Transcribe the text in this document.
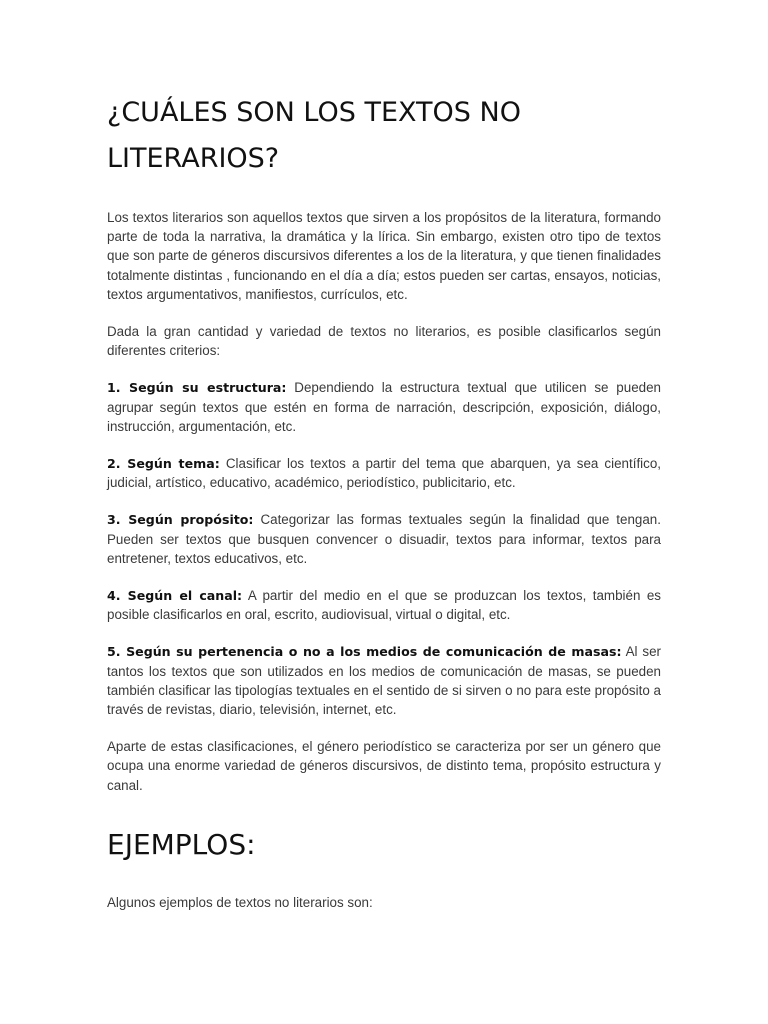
¿CUÁLES SON LOS TEXTOS NO LITERARIOS?

Los textos literarios son aquellos textos que sirven a los propósitos de la literatura, formando parte de toda la narrativa, la dramática y la lírica. Sin embargo, existen otro tipo de textos que son parte de géneros discursivos diferentes a los de la literatura, y que tienen finalidades totalmente distintas , funcionando en el día a día; estos pueden ser cartas, ensayos, noticias, textos argumentativos, manifiestos, currículos, etc.

Dada la gran cantidad y variedad de textos no literarios, es posible clasificarlos según diferentes criterios:

1. Según su estructura: Dependiendo la estructura textual que utilicen se pueden agrupar según textos que estén en forma de narración, descripción, exposición, diálogo, instrucción, argumentación, etc.

2. Según tema: Clasificar los textos a partir del tema que abarquen, ya sea científico, judicial, artístico, educativo, académico, periodístico, publicitario, etc.

3. Según propósito: Categorizar las formas textuales según la finalidad que tengan. Pueden ser textos que busquen convencer o disuadir, textos para informar, textos para entretener, textos educativos, etc.

4. Según el canal: A partir del medio en el que se produzcan los textos, también es posible clasificarlos en oral, escrito, audiovisual, virtual o digital, etc.

5. Según su pertenencia o no a los medios de comunicación de masas: Al ser tantos los textos que son utilizados en los medios de comunicación de masas, se pueden también clasificar las tipologías textuales en el sentido de si sirven o no para este propósito a través de revistas, diario, televisión, internet, etc.

Aparte de estas clasificaciones, el género periodístico se caracteriza por ser un género que ocupa una enorme variedad de géneros discursivos, de distinto tema, propósito estructura y canal.

EJEMPLOS:

Algunos ejemplos de textos no literarios son:
